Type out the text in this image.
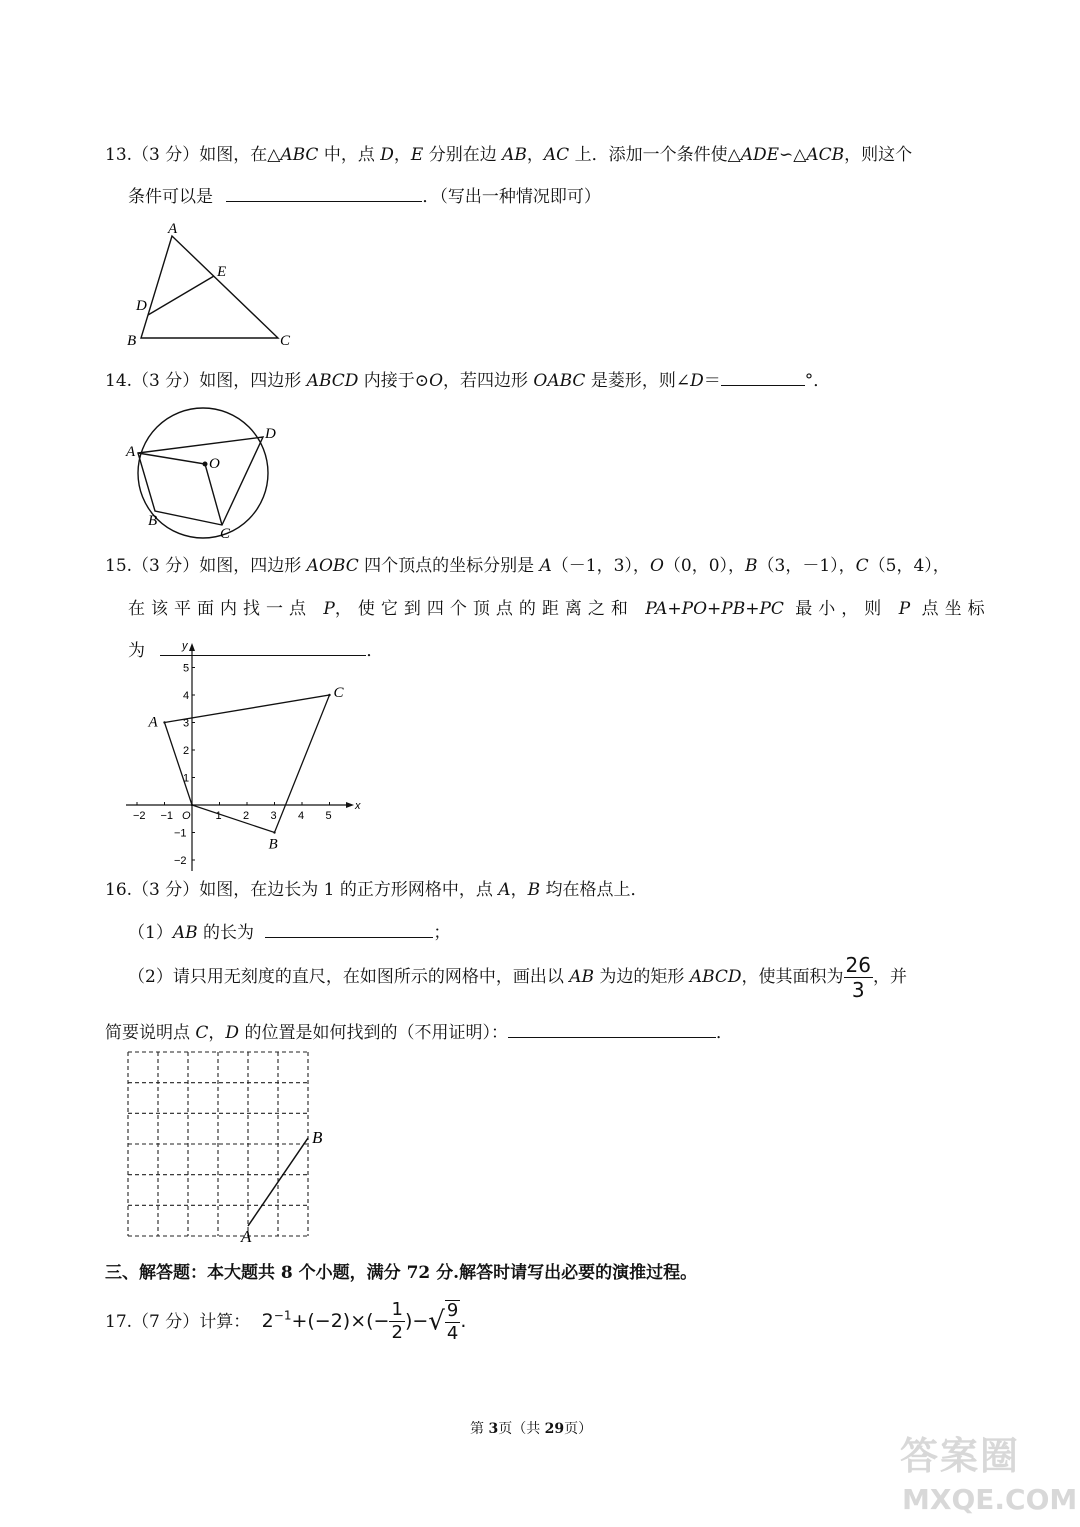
13.（3 分）如图，在△ABC 中，点 D，E 分别在边 AB，AC 上．添加一个条件使△ADE∽△ACB，则这个
条件可以是	．（写出一种情况即可）
A
E
D
B	C
14.（3 分）如图，四边形 ABCD 内接于⊙O，若四边形 OABC 是菱形，则∠D＝	°．
A
D
O
B
C
15.（3 分）如图，四边形 AOBC 四个顶点的坐标分别是 A（－1，3），O（0，0），B（3，－1），C（5，4），
在该平面内找一点 P，使它到四个顶点的距离之和 PA+PO+PB+PC 最小，则 P 点坐标
为	．
−2 −1 O 1 2 3 4 5
5
4
3
2
1
−1
−2
x
y
A
B
C
16.（3 分）如图，在边长为 1 的正方形网格中，点 A，B 均在格点上．
（1）AB 的长为	；
（2）请只用无刻度的直尺，在如图所示的网格中，画出以 AB 为边的矩形 ABCD，使其面积为 $\frac{26}{3}$ ，并
简要说明点 C，D 的位置是如何找到的（不用证明）：	．
B
A
三、解答题：本大题共 8 个小题，满分 72 分.解答时请写出必要的演推过程。
17.（7 分）计算： $2^{-1}+(-2)\times(- \frac{1}{2}$ )−√ $\frac{9}{4}$ .
第 3页（共 29页）
答案圈
MXQE.COM
